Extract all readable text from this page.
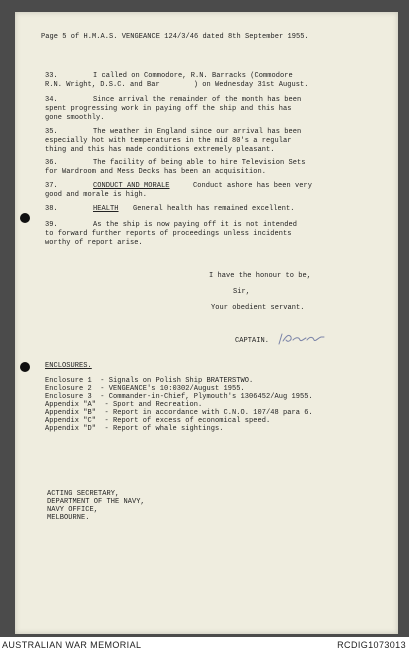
Page 5 of H.M.A.S. VENGEANCE 124/3/46 dated 8th September 1955.
33.	I called on Commodore, R.N. Barracks (Commodore
R.N. Wright, D.S.C. and Bar        ) on Wednesday 31st August.
34.	Since arrival the remainder of the month has been
spent progressing work in paying off the ship and this has
gone smoothly.
35.	The weather in England since our arrival has been
especially hot with temperatures in the mid 80's a regular
thing and this has made conditions extremely pleasant.
36.	The facility of being able to hire Television Sets
for Wardroom and Mess Decks has been an acquisition.
37.	CONDUCT AND MORALE	Conduct ashore has been very
good and morale is high.
38.	HEALTH General health has remained excellent.
39.	As the ship is now paying off it is not intended
to forward further reports of proceedings unless incidents
worthy of report arise.
I have the honour to be,
Sir,
Your obedient servant.
CAPTAIN.
ENCLOSURES.
Enclosure 1  - Signals on Polish Ship BRATERSTWO.
Enclosure 2  - VENGEANCE's 10:0302/August 1955.
Enclosure 3  - Commander-in-Chief, Plymouth's 1306452/Aug 1955.
Appendix "A"  - Sport and Recreation.
Appendix "B"  - Report in accordance with C.N.O. 107/48 para 6.
Appendix "C"  - Report of excess of economical speed.
Appendix "D"  - Report of whale sightings.
ACTING SECRETARY,
DEPARTMENT OF THE NAVY,
NAVY OFFICE,
MELBOURNE.
AUSTRALIAN WAR MEMORIAL	RCDIG1073013
